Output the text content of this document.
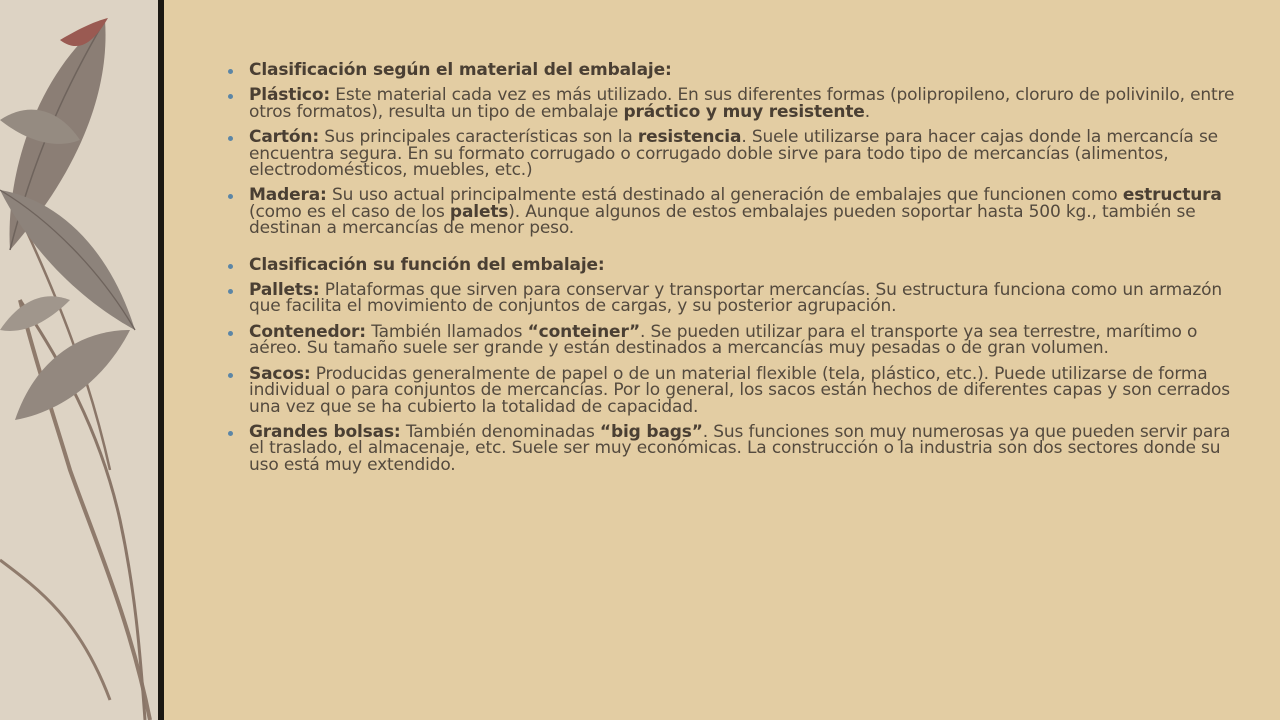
Clasificación según el material del embalaje:
Plástico: Este material cada vez es más utilizado. En sus diferentes formas (polipropileno, cloruro de polivinilo, entre otros formatos), resulta un tipo de embalaje práctico y muy resistente.
Cartón: Sus principales características son la resistencia. Suele utilizarse para hacer cajas donde la mercancía se encuentra segura. En su formato corrugado o corrugado doble sirve para todo tipo de mercancías (alimentos, electrodomésticos, muebles, etc.)
Madera: Su uso actual principalmente está destinado al generación de embalajes que funcionen como estructura (como es el caso de los palets). Aunque algunos de estos embalajes pueden soportar hasta 500 kg., también se destinan a mercancías de menor peso.
Clasificación su función del embalaje:
Pallets: Plataformas que sirven para conservar y transportar mercancías. Su estructura funciona como un armazón que facilita el movimiento de conjuntos de cargas, y su posterior agrupación.
Contenedor: También llamados “conteiner”. Se pueden utilizar para el transporte ya sea terrestre, marítimo o aéreo. Su tamaño suele ser grande y están destinados a mercancías muy pesadas o de gran volumen.
Sacos: Producidas generalmente de papel o de un material flexible (tela, plástico, etc.). Puede utilizarse de forma individual o para conjuntos de mercancías. Por lo general, los sacos están hechos de diferentes capas y son cerrados una vez que se ha cubierto la totalidad de capacidad.
Grandes bolsas: También denominadas “big bags”. Sus funciones son muy numerosas ya que pueden servir para el traslado, el almacenaje, etc. Suele ser muy económicas. La construcción o la industria son dos sectores donde su uso está muy extendido.
